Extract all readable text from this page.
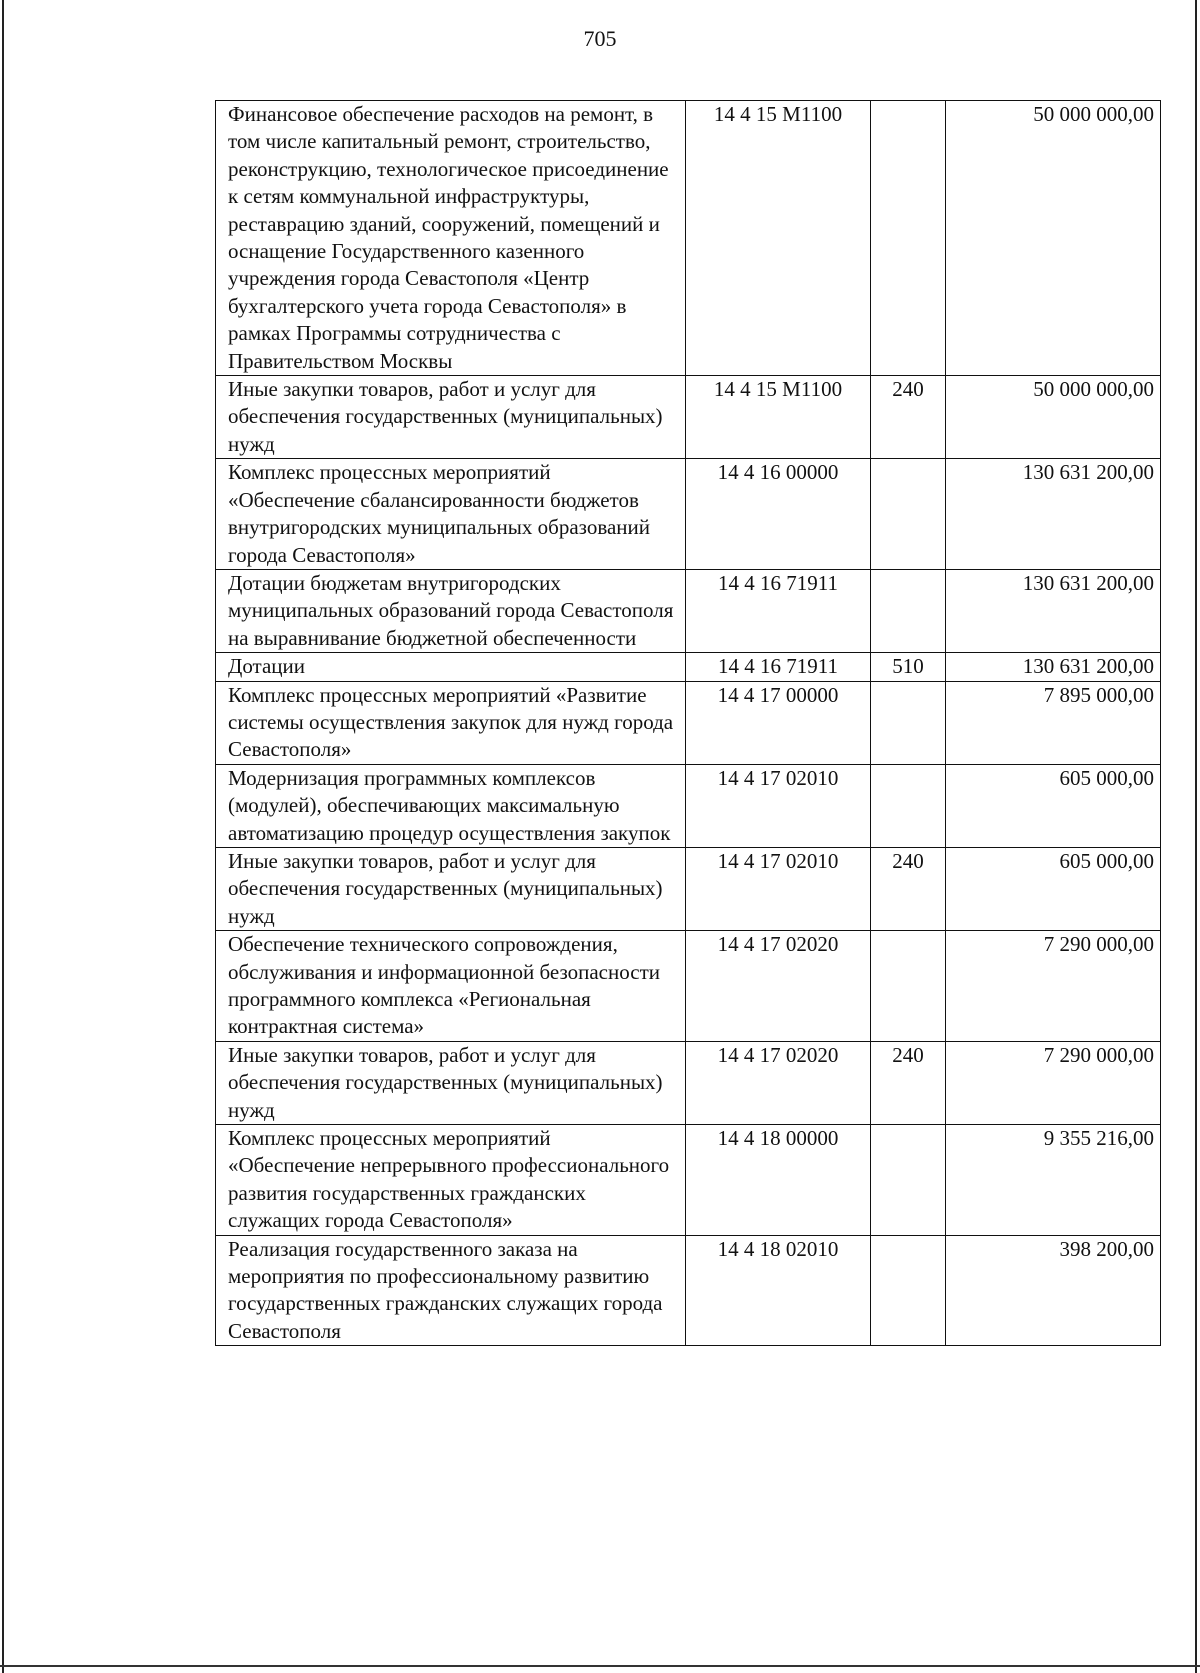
705
Финансовое обеспечение расходов на ремонт, в том числе капитальный ремонт, строительство, реконструкцию, технологическое присоединение к сетям коммунальной инфраструктуры, реставрацию зданий, сооружений, помещений и оснащение Государственного казенного учреждения города Севастополя «Центр бухгалтерского учета города Севастополя» в рамках Программы сотрудничества с Правительством Москвы	14 4 15 M1100		50 000 000,00
Иные закупки товаров, работ и услуг для обеспечения государственных (муниципальных) нужд	14 4 15 M1100	240	50 000 000,00
Комплекс процессных мероприятий «Обеспечение сбалансированности бюджетов внутригородских муниципальных образований города Севастополя»	14 4 16 00000		130 631 200,00
Дотации бюджетам внутригородских муниципальных образований города Севастополя на выравнивание бюджетной обеспеченности	14 4 16 71911		130 631 200,00
Дотации	14 4 16 71911	510	130 631 200,00
Комплекс процессных мероприятий «Развитие системы осуществления закупок для нужд города Севастополя»	14 4 17 00000		7 895 000,00
Модернизация программных комплексов (модулей), обеспечивающих максимальную автоматизацию процедур осуществления закупок	14 4 17 02010		605 000,00
Иные закупки товаров, работ и услуг для обеспечения государственных (муниципальных) нужд	14 4 17 02010	240	605 000,00
Обеспечение технического сопровождения, обслуживания и информационной безопасности программного комплекса «Региональная контрактная система»	14 4 17 02020		7 290 000,00
Иные закупки товаров, работ и услуг для обеспечения государственных (муниципальных) нужд	14 4 17 02020	240	7 290 000,00
Комплекс процессных мероприятий «Обеспечение непрерывного профессионального развития государственных гражданских служащих города Севастополя»	14 4 18 00000		9 355 216,00
Реализация государственного заказа на мероприятия по профессиональному развитию государственных гражданских служащих города Севастополя	14 4 18 02010		398 200,00
